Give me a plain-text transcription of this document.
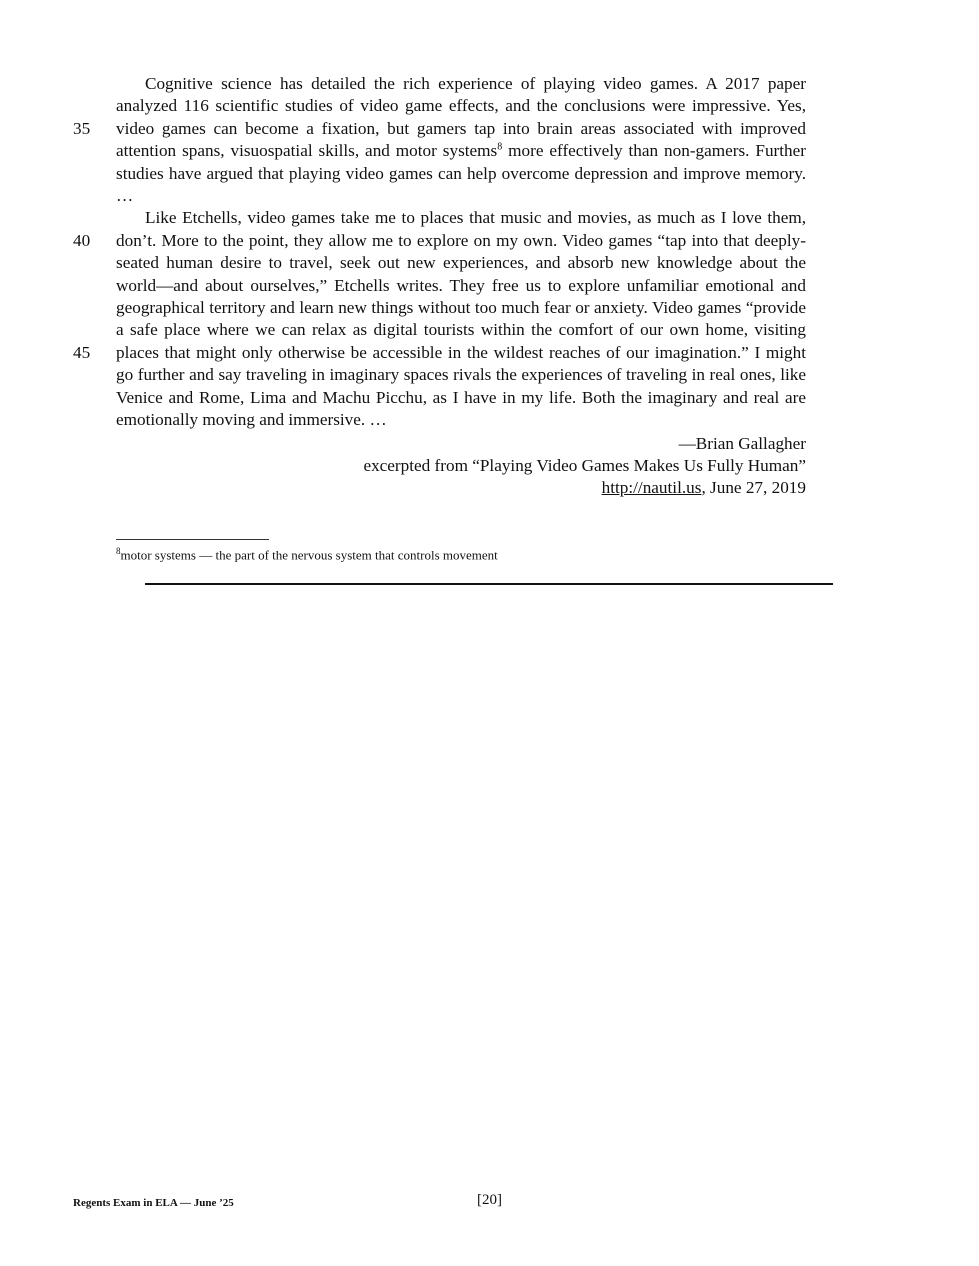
35
40
45

Cognitive science has detailed the rich experience of playing video games. A 2017 paper analyzed 116 scientific studies of video game effects, and the conclusions were impressive. Yes, video games can become a fixation, but gamers tap into brain areas associated with improved attention spans, visuospatial skills, and motor systems$^8$ more effectively than non-gamers. Further studies have argued that playing video games can help overcome depression and improve memory. …

Like Etchells, video games take me to places that music and movies, as much as I love them, don’t. More to the point, they allow me to explore on my own. Video games “tap into that deeply-seated human desire to travel, seek out new experiences, and absorb new knowledge about the world—and about ourselves,” Etchells writes. They free us to explore unfamiliar emotional and geographical territory and learn new things without too much fear or anxiety. Video games “provide a safe place where we can relax as digital tourists within the comfort of our own home, visiting places that might only otherwise be accessible in the wildest reaches of our imagination.” I might go further and say traveling in imaginary spaces rivals the experiences of traveling in real ones, like Venice and Rome, Lima and Machu Picchu, as I have in my life. Both the imaginary and real are emotionally moving and immersive. …

—Brian Gallagher
excerpted from “Playing Video Games Makes Us Fully Human”
http://nautil.us, June 27, 2019
$^8$motor systems — the part of the nervous system that controls movement
Regents Exam in ELA — June ’25	[20]
